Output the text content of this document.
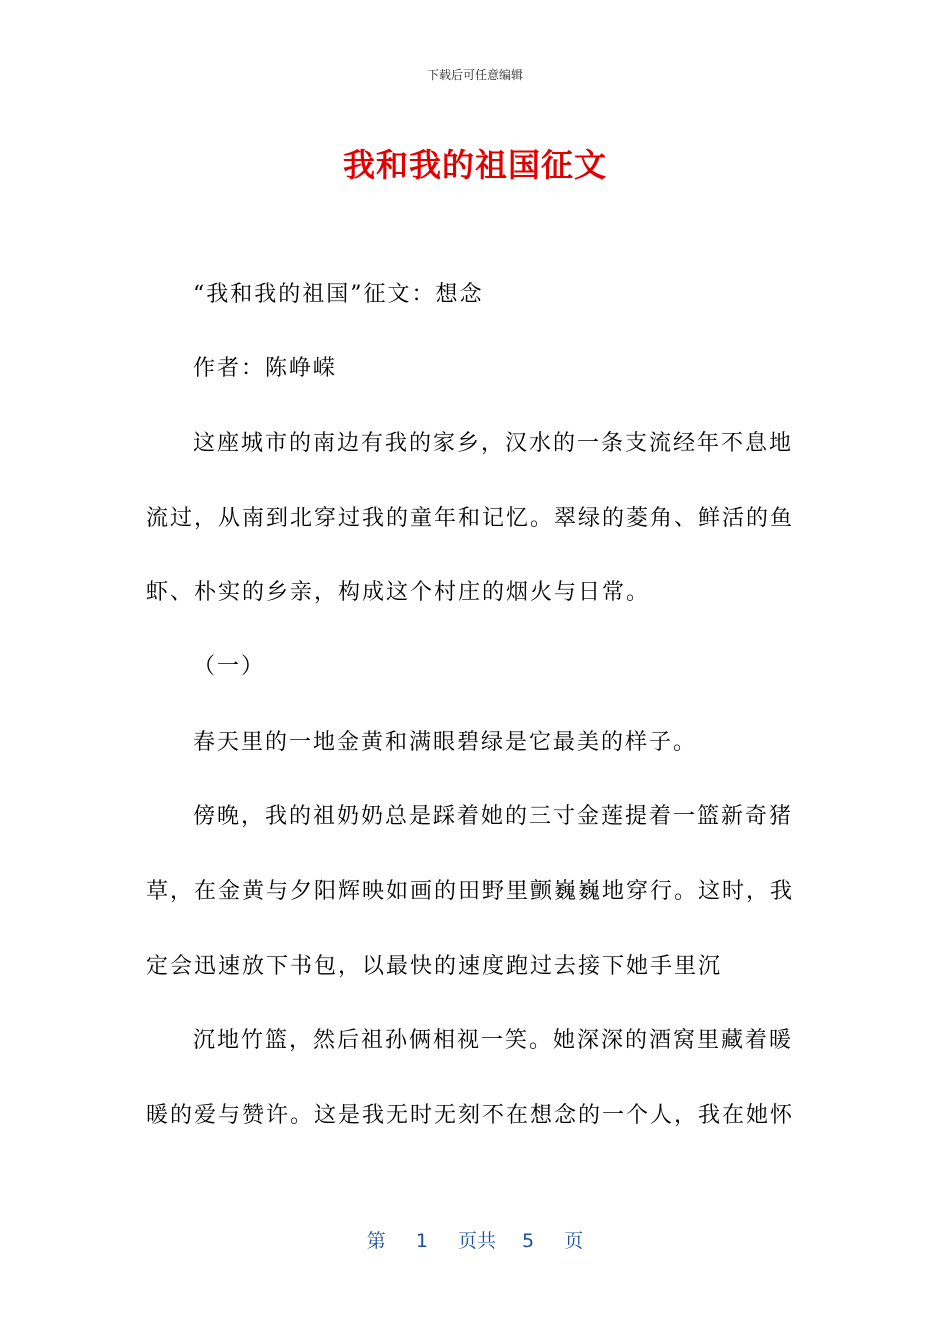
下载后可任意编辑
我和我的祖国征文
“我和我的祖国”征文：想念
作者：陈峥嵘
这座城市的南边有我的家乡，汉水的一条支流经年不息地
流过，从南到北穿过我的童年和记忆。翠绿的菱角、鲜活的鱼
虾、朴实的乡亲，构成这个村庄的烟火与日常。
（一）
春天里的一地金黄和满眼碧绿是它最美的样子。
傍晚，我的祖奶奶总是踩着她的三寸金莲提着一篮新奇猪
草，在金黄与夕阳辉映如画的田野里颤巍巍地穿行。这时，我
定会迅速放下书包，以最快的速度跑过去接下她手里沉
沉地竹篮，然后祖孙俩相视一笑。她深深的酒窝里藏着暖
暖的爱与赞许。这是我无时无刻不在想念的一个人，我在她怀
第 1 页共 5 页
